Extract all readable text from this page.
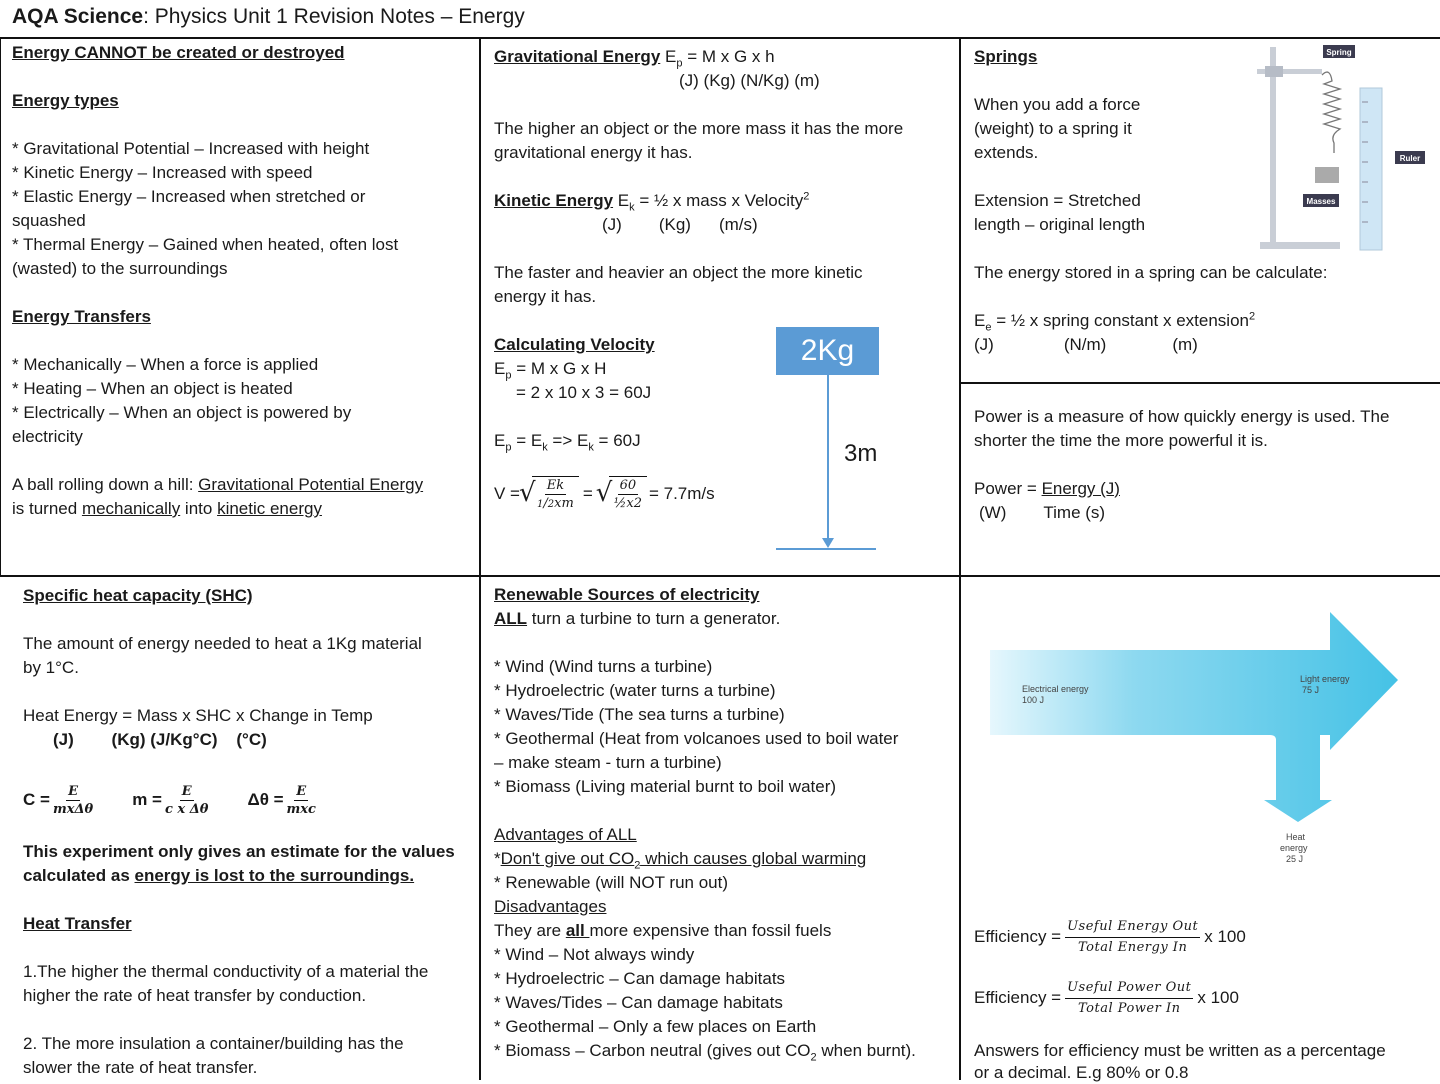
AQA Science: Physics Unit 1 Revision Notes – Energy
Energy CANNOT be created or destroyed
Energy types
* Gravitational Potential – Increased with height
* Kinetic Energy – Increased with speed
* Elastic Energy – Increased when stretched or
squashed
* Thermal Energy – Gained when heated, often lost
(wasted) to the surroundings
Energy Transfers
* Mechanically – When a force is applied
* Heating – When an object is heated
* Electrically – When an object is powered by
electricity
A ball rolling down a hill: Gravitational Potential Energy
is turned mechanically into kinetic energy
Gravitational Energy $E_p = M$ x G x h
(J) (Kg) (N/Kg) (m)
The higher an object or the more mass it has the more
gravitational energy it has.
Kinetic Energy $E_k$ = ½ x mass x Velocity$^2$
(J) (Kg) (m/s)
The faster and heavier an object the more kinetic
energy it has.
Calculating Velocity
$E_p = M$ x G x H
= 2 x 10 x 3 = 60J
$E_p = E_k => E_k = 60J$
V = √ $\frac{Ek}{1/2xm}$ = √ $\frac{60}{\text{½x2}} = 7.7m/s$
2Kg
3m
Springs
When you add a force
(weight) to a spring it
extends.
Extension = Stretched
length – original length
The energy stored in a spring can be calculate:
$E_e$ = ½ x spring constant x extension$^2$
(J)	(N/m)	(m)
Spring
Ruler
Masses
Power is a measure of how quickly energy is used. The
shorter the time the more powerful it is.
Power = Energy (J)
(W) Time (s)
Specific heat capacity (SHC)
The amount of energy needed to heat a 1Kg material
by 1°C.
Heat Energy = Mass x SHC x Change in Temp
(J)        (Kg) (J/Kg°C)    (°C)
$C = \frac{E}{\text{mxΔθ}}$ $m = \frac{E}{\text{c x Δθ}}$ $\Delta\theta = \frac{E}{\text{mxc}}$
This experiment only gives an estimate for the values
calculated as energy is lost to the surroundings.
Heat Transfer
1.The higher the thermal conductivity of a material the
higher the rate of heat transfer by conduction.
2. The more insulation a container/building has the
slower the rate of heat transfer.
Renewable Sources of electricity
ALL turn a turbine to turn a generator.
* Wind (Wind turns a turbine)
* Hydroelectric (water turns a turbine)
* Waves/Tide (The sea turns a turbine)
* Geothermal (Heat from volcanoes used to boil water
– make steam - turn a turbine)
* Biomass (Living material burnt to boil water)
Advantages of ALL
*Don't give out $CO_2$ which causes global warming
* Renewable (will NOT run out)
Disadvantages
They are all more expensive than fossil fuels
* Wind – Not always windy
* Hydroelectric – Can damage habitats
* Waves/Tides – Can damage habitats
* Geothermal – Only a few places on Earth
* Biomass – Carbon neutral (gives out $CO_2$ when burnt).
Electrical energy
100 J
Light energy
75 J
Heat
energy
25 J
Efficiency =
Useful Energy Out
Total Energy In
x 100
Efficiency =
Useful Power Out
Total Power In
x 100
Answers for efficiency must be written as a percentage
or a decimal. E.g 80% or 0.8
